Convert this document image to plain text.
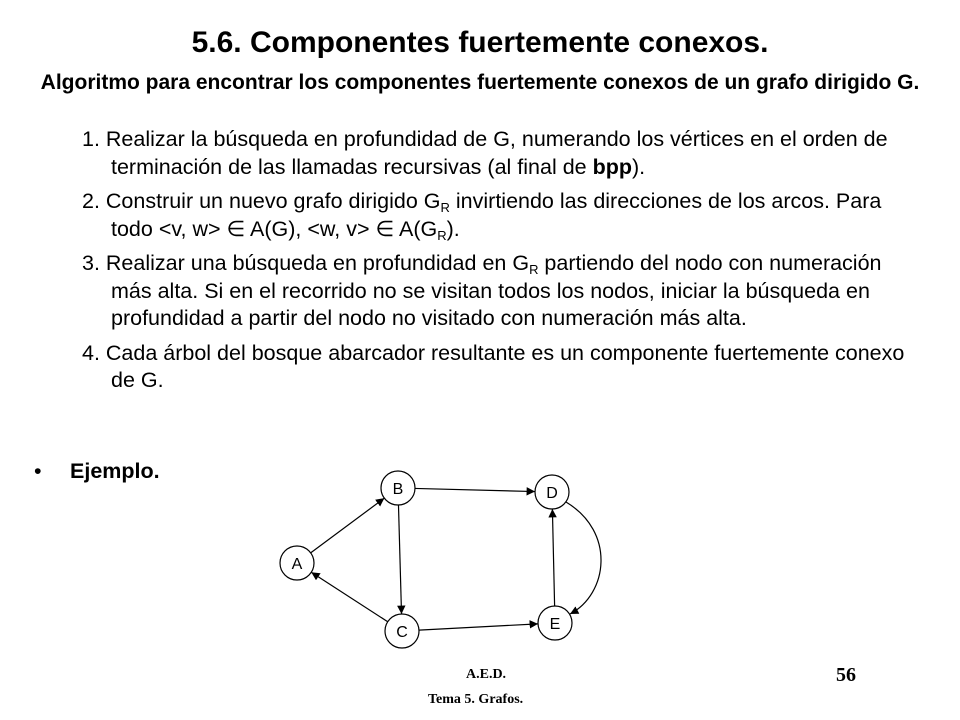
5.6. Componentes fuertemente conexos.

Algoritmo para encontrar los componentes fuertemente conexos de un grafo dirigido G.

1. Realizar la búsqueda en profundidad de G, numerando los vértices en el orden de terminación de las llamadas recursivas (al final de bpp).
2. Construir un nuevo grafo dirigido $G_R$ invirtiendo las direcciones de los arcos. Para todo <v, w> ∈ A(G), <w, v> ∈ $A(G_R)$.
3. Realizar una búsqueda en profundidad en $G_R$ partiendo del nodo con numeración más alta. Si en el recorrido no se visitan todos los nodos, iniciar la búsqueda en profundidad a partir del nodo no visitado con numeración más alta.
4. Cada árbol del bosque abarcador resultante es un componente fuertemente conexo de G.
• Ejemplo.
A
B
C
D
E
A.E.D.
Tema 5. Grafos.
56
